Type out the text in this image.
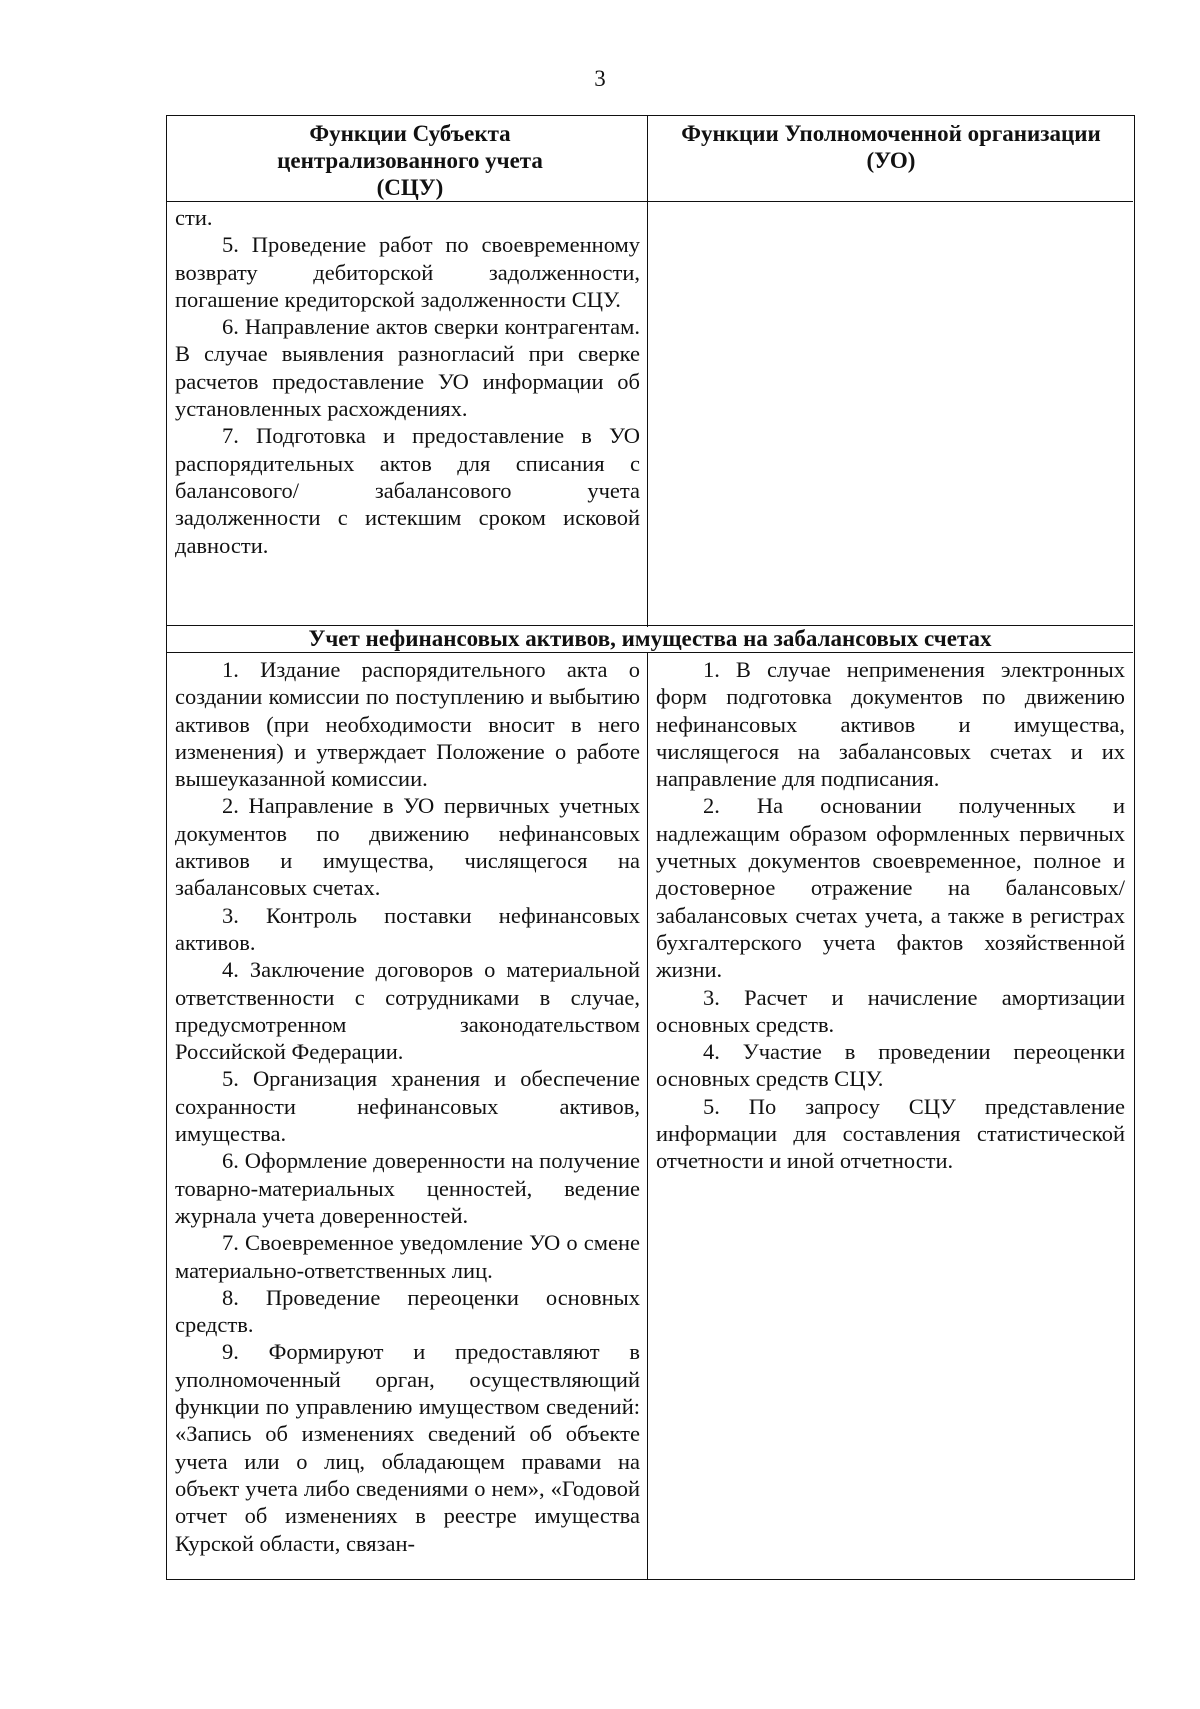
3
Функции Субъекта
централизованного учета
(СЦУ)
Функции Уполномоченной организации
(УО)

сти.

5. Проведение работ по своевременному возврату дебиторской задолженности, погашение кредиторской задолженности СЦУ.

6. Направление актов сверки контрагентам. В случае выявления разногласий при сверке расчетов предоставление УО информации об установленных расхождениях.

7. Подготовка и предоставление в УО распорядительных актов для списания с балансового/ забалансового учета задолженности с истекшим сроком исковой давности.

Учет нефинансовых активов, имущества на забалансовых счетах

1. Издание распорядительного акта о создании комиссии по поступлению и выбытию активов (при необходимости вносит в него изменения) и утверждает Положение о работе вышеуказанной комиссии.

2. Направление в УО первичных учетных документов по движению нефинансовых активов и имущества, числящегося на забалансовых счетах.

3. Контроль поставки нефинансовых активов.

4. Заключение договоров о материальной ответственности с сотрудниками в случае, предусмотренном законодательством Российской Федерации.

5. Организация хранения и обеспечение сохранности нефинансовых активов, имущества.

6. Оформление доверенности на получение товарно-материальных ценностей, ведение журнала учета доверенностей.

7. Своевременное уведомление УО о смене материально-ответственных лиц.

8. Проведение переоценки основных средств.

9. Формируют и предоставляют в уполномоченный орган, осуществляющий функции по управлению имуществом сведений: «Запись об изменениях сведений об объекте учета или о лиц, обладающем правами на объект учета либо сведениями о нем», «Годовой отчет об изменениях в реестре имущества Курской области, связан-

1. В случае неприменения электронных форм подготовка документов по движению нефинансовых активов и имущества, числящегося на забалансовых счетах и их направление для подписания.

2. На основании полученных и надлежащим образом оформленных первичных учетных документов своевременное, полное и достоверное отражение на балансовых/ забалансовых счетах учета, а также в регистрах бухгалтерского учета фактов хозяйственной жизни.

3. Расчет и начисление амортизации основных средств.

4. Участие в проведении переоценки основных средств СЦУ.

5. По запросу СЦУ представление информации для составления статистической отчетности и иной отчетности.
